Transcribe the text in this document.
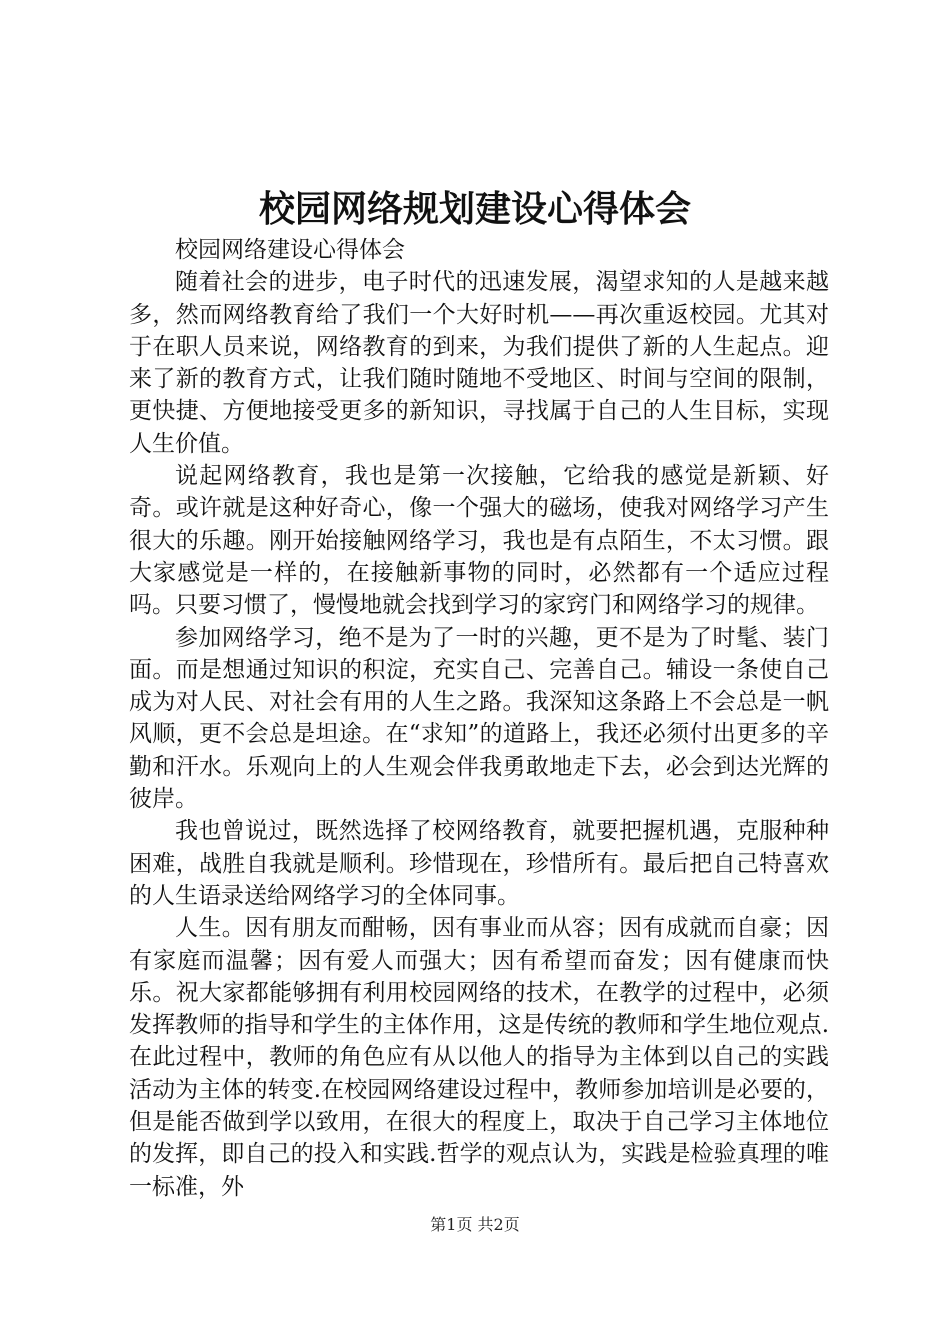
校园网络规划建设心得体会

校园网络建设心得体会

随着社会的进步，电子时代的迅速发展，渴望求知的人是越来越多，然而网络教育给了我们一个大好时机——再次重返校园。尤其对于在职人员来说，网络教育的到来，为我们提供了新的人生起点。迎来了新的教育方式，让我们随时随地不受地区、时间与空间的限制，更快捷、方便地接受更多的新知识，寻找属于自己的人生目标，实现人生价值。

说起网络教育，我也是第一次接触，它给我的感觉是新颖、好奇。或许就是这种好奇心，像一个强大的磁场，使我对网络学习产生很大的乐趣。刚开始接触网络学习，我也是有点陌生，不太习惯。跟大家感觉是一样的，在接触新事物的同时，必然都有一个适应过程吗。只要习惯了，慢慢地就会找到学习的家窍门和网络学习的规律。

参加网络学习，绝不是为了一时的兴趣，更不是为了时髦、装门面。而是想通过知识的积淀，充实自己、完善自己。辅设一条使自己成为对人民、对社会有用的人生之路。我深知这条路上不会总是一帆风顺，更不会总是坦途。在“求知”的道路上，我还必须付出更多的辛勤和汗水。乐观向上的人生观会伴我勇敢地走下去，必会到达光辉的彼岸。

我也曾说过，既然选择了校网络教育，就要把握机遇，克服种种困难，战胜自我就是顺利。珍惜现在，珍惜所有。最后把自己特喜欢的人生语录送给网络学习的全体同事。

人生。因有朋友而酣畅，因有事业而从容；因有成就而自豪；因有家庭而温馨；因有爱人而强大；因有希望而奋发；因有健康而快乐。祝大家都能够拥有利用校园网络的技术，在教学的过程中，必须发挥教师的指导和学生的主体作用，这是传统的教师和学生地位观点.在此过程中，教师的角色应有从以他人的指导为主体到以自己的实践活动为主体的转变.在校园网络建设过程中，教师参加培训是必要的，但是能否做到学以致用，在很大的程度上，取决于自己学习主体地位的发挥，即自己的投入和实践.哲学的观点认为，实践是检验真理的唯一标准，外

第1页 共2页
